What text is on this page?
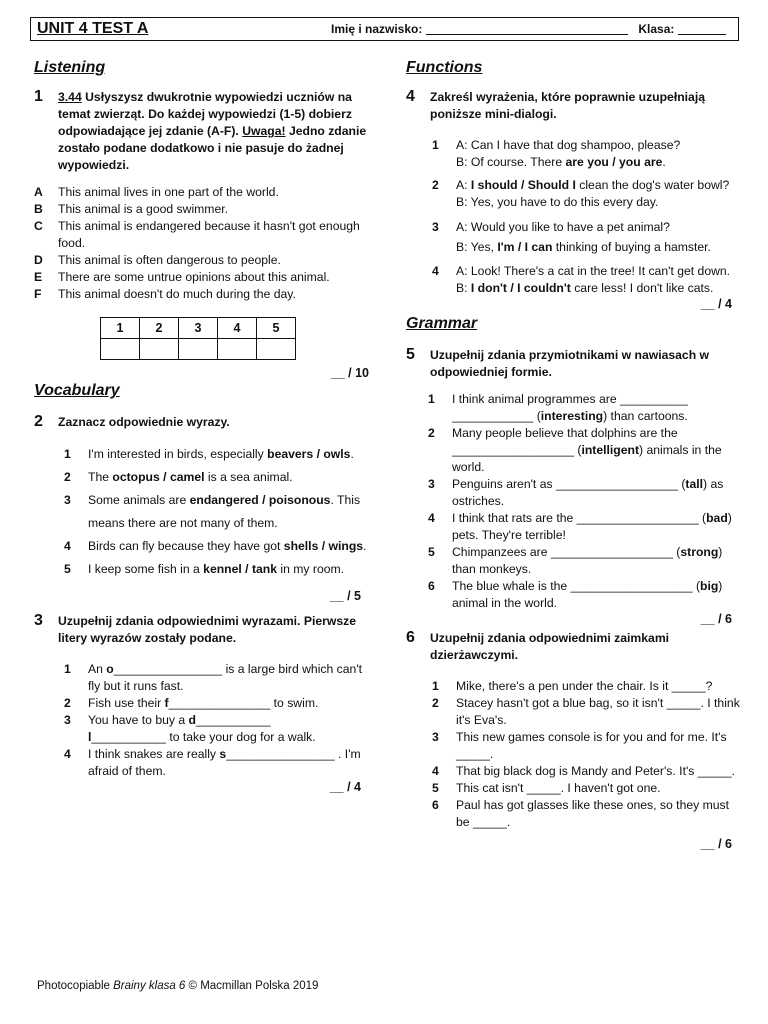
UNIT 4 TEST A	Imię i nazwisko:	Klasa:
Listening
1	3.44 Usłyszysz dwukrotnie wypowiedzi uczniów na temat zwierząt. Do każdej wypowiedzi (1-5) dobierz odpowiadające jej zdanie (A-F). Uwaga! Jedno zdanie zostało podane dodatkowo i nie pasuje do żadnej wypowiedzi.
A	This animal lives in one part of the world.
B	This animal is a good swimmer.
C	This animal is endangered because it hasn't got enough food.
D	This animal is often dangerous to people.
E	There are some untrue opinions about this animal.
F	This animal doesn't do much during the day.
1	2	3	4	5

__ / 10
Vocabulary
2	Zaznacz odpowiednie wyrazy.
1	I'm interested in birds, especially beavers / owls.
2	The octopus / camel is a sea animal.
3	Some animals are endangered / poisonous. This means there are not many of them.
4	Birds can fly because they have got shells / wings.
5	I keep some fish in a kennel / tank in my room.
__ / 5
3	Uzupełnij zdania odpowiednimi wyrazami. Pierwsze litery wyrazów zostały podane.
1	An o________________ is a large bird which can't fly but it runs fast.
2	Fish use their f_______________ to swim.
3	You have to buy a d___________
l___________ to take your dog for a walk.
4	I think snakes are really s________________ . I'm afraid of them.
__ / 4
Functions
4	Zakreśl wyrażenia, które poprawnie uzupełniają poniższe mini-dialogi.
1	A: Can I have that dog shampoo, please?
B: Of course. There are you / you are.
2	A: I should / Should I clean the dog's water bowl?
B: Yes, you have to do this every day.
3	A: Would you like to have a pet animal?
B: Yes, I'm / I can thinking of buying a hamster.
4	A: Look! There's a cat in the tree! It can't get down.
B: I don't / I couldn't care less! I don't like cats.
__ / 4
Grammar
5	Uzupełnij zdania przymiotnikami w nawiasach w odpowiedniej formie.
1	I think animal programmes are __________ ____________ (interesting) than cartoons.
2	Many people believe that dolphins are the __________________ (intelligent) animals in the world.
3	Penguins aren't as __________________ (tall) as ostriches.
4	I think that rats are the __________________ (bad) pets. They're terrible!
5	Chimpanzees are __________________ (strong) than monkeys.
6	The blue whale is the __________________ (big) animal in the world.
__ / 6
6	Uzupełnij zdania odpowiednimi zaimkami dzierżawczymi.
1	Mike, there's a pen under the chair. Is it _____?
2	Stacey hasn't got a blue bag, so it isn't _____. I think it's Eva's.
3	This new games console is for you and for me. It's _____.
4	That big black dog is Mandy and Peter's. It's _____.
5	This cat isn't _____. I haven't got one.
6	Paul has got glasses like these ones, so they must be _____.
__ / 6
Photocopiable Brainy klasa 6 © Macmillan Polska 2019
